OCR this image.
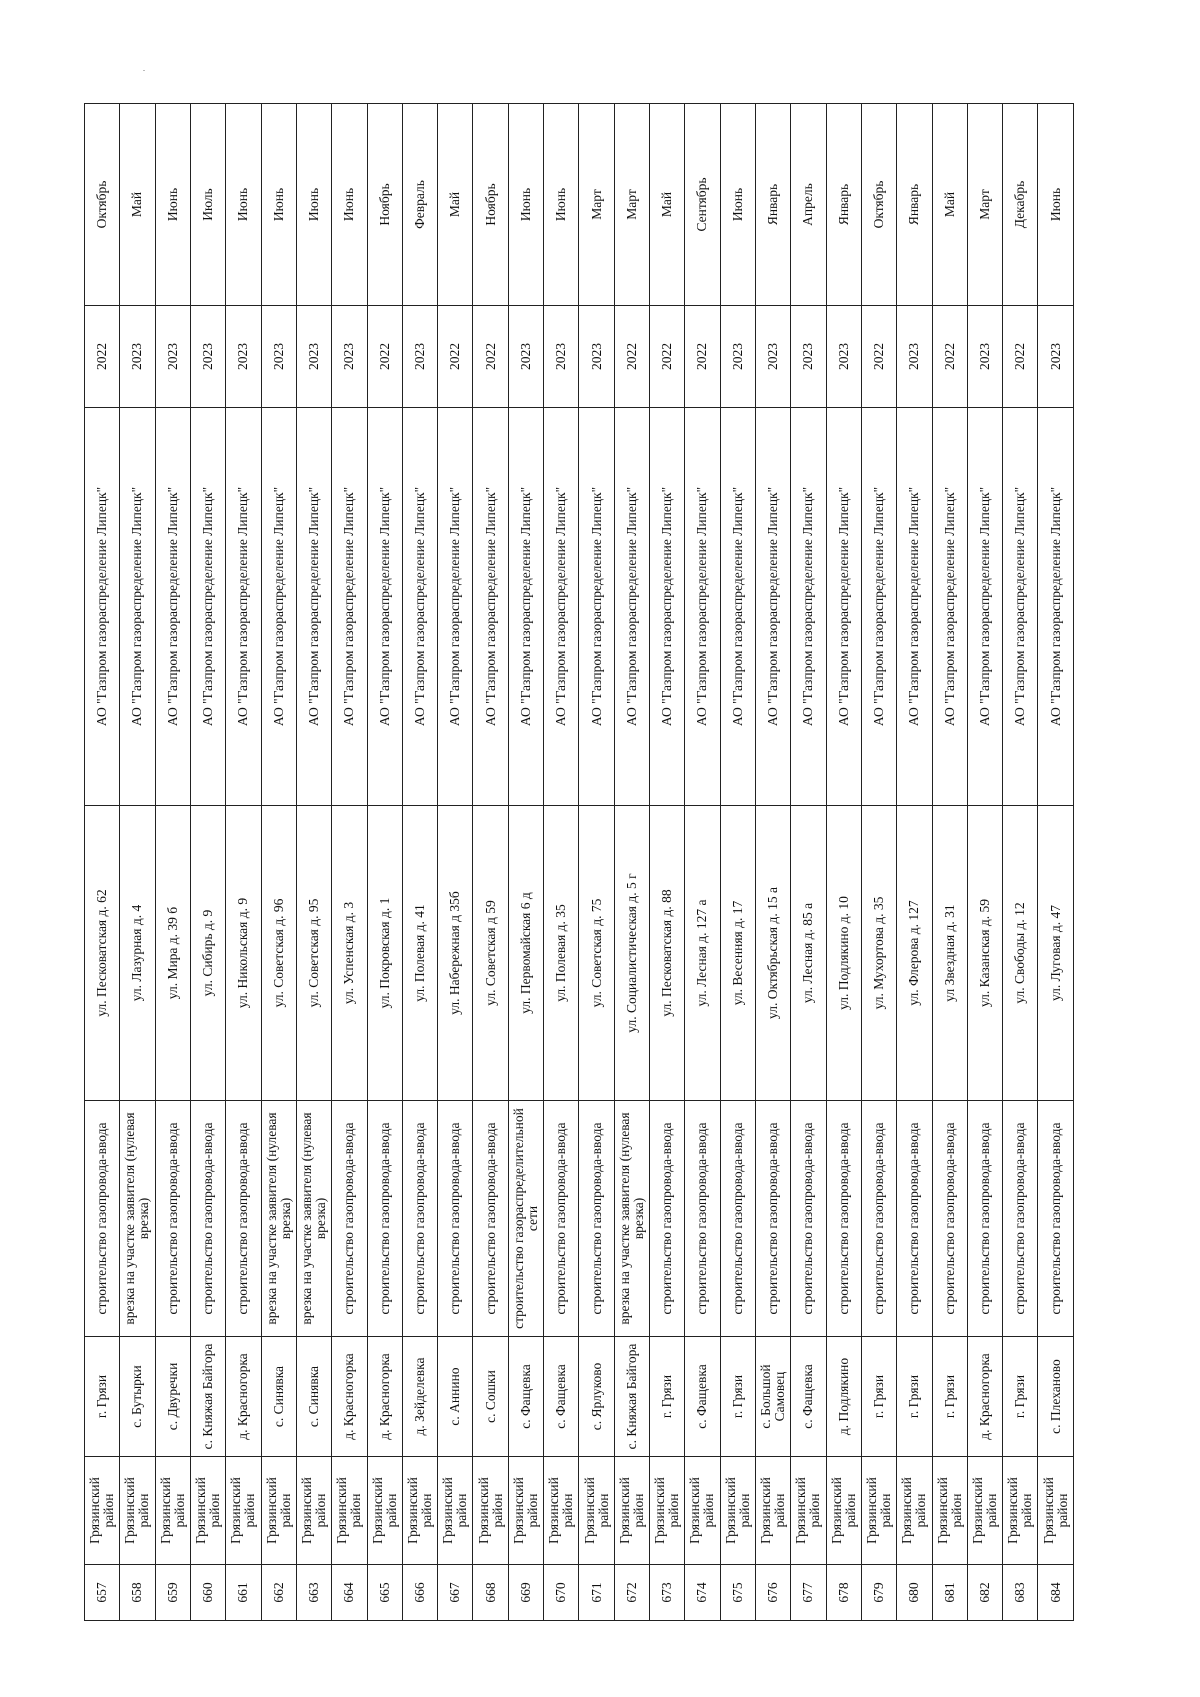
657	Грязинский район	г. Грязи	строительство газопровода-ввода	ул. Песковатская д. 62	АО "Газпром газораспределение Липецк"	2022	Октябрь
658	Грязинский район	с. Бутырки	врезка на участке заявителя (нулевая врезка)	ул. Лазурная д. 4	АО "Газпром газораспределение Липецк"	2023	Май
659	Грязинский район	с. Двуречки	строительство газопровода-ввода	ул. Мира д. 39 б	АО "Газпром газораспределение Липецк"	2023	Июнь
660	Грязинский район	с. Княжая Байгора	строительство газопровода-ввода	ул. Сибирь д. 9	АО "Газпром газораспределение Липецк"	2023	Июль
661	Грязинский район	д. Красногорка	строительство газопровода-ввода	ул. Никольская д. 9	АО "Газпром газораспределение Липецк"	2023	Июнь
662	Грязинский район	с. Синявка	врезка на участке заявителя (нулевая врезка)	ул. Советская д. 96	АО "Газпром газораспределение Липецк"	2023	Июнь
663	Грязинский район	с. Синявка	врезка на участке заявителя (нулевая врезка)	ул. Советская д. 95	АО "Газпром газораспределение Липецк"	2023	Июнь
664	Грязинский район	д. Красногорка	строительство газопровода-ввода	ул. Успенская д. 3	АО "Газпром газораспределение Липецк"	2023	Июнь
665	Грязинский район	д. Красногорка	строительство газопровода-ввода	ул. Покровская д. 1	АО "Газпром газораспределение Липецк"	2022	Ноябрь
666	Грязинский район	д. Зейделевка	строительство газопровода-ввода	ул. Полевая д. 41	АО "Газпром газораспределение Липецк"	2023	Февраль
667	Грязинский район	с. Аннино	строительство газопровода-ввода	ул. Набережная д 35б	АО "Газпром газораспределение Липецк"	2022	Май
668	Грязинский район	с. Сошки	строительство газопровода-ввода	ул. Советская д 59	АО "Газпром газораспределение Липецк"	2022	Ноябрь
669	Грязинский район	с. Фащевка	строительство газораспределительной сети	ул. Первомайская 6 д	АО "Газпром газораспределение Липецк"	2023	Июнь
670	Грязинский район	с. Фащевка	строительство газопровода-ввода	ул. Полевая д. 35	АО "Газпром газораспределение Липецк"	2023	Июнь
671	Грязинский район	с. Ярлуково	строительство газопровода-ввода	ул. Советская д. 75	АО "Газпром газораспределение Липецк"	2023	Март
672	Грязинский район	с. Княжая Байгора	врезка на участке заявителя (нулевая врезка)	ул. Социалистическая д. 5 г	АО "Газпром газораспределение Липецк"	2022	Март
673	Грязинский район	г. Грязи	строительство газопровода-ввода	ул. Песковатская д. 88	АО "Газпром газораспределение Липецк"	2022	Май
674	Грязинский район	с. Фащевка	строительство газопровода-ввода	ул. Лесная д. 127 а	АО "Газпром газораспределение Липецк"	2022	Сентябрь
675	Грязинский район	г. Грязи	строительство газопровода-ввода	ул. Весенняя д. 17	АО "Газпром газораспределение Липецк"	2023	Июнь
676	Грязинский район	с. Большой Самовец	строительство газопровода-ввода	ул. Октябрьская д. 15 а	АО "Газпром газораспределение Липецк"	2023	Январь
677	Грязинский район	с. Фащевка	строительство газопровода-ввода	ул. Лесная д. 85 а	АО "Газпром газораспределение Липецк"	2023	Апрель
678	Грязинский район	д. Подлякино	строительство газопровода-ввода	ул. Подлякино д. 10	АО "Газпром газораспределение Липецк"	2023	Январь
679	Грязинский район	г. Грязи	строительство газопровода-ввода	ул. Мухортова д. 35	АО "Газпром газораспределение Липецк"	2022	Октябрь
680	Грязинский район	г. Грязи	строительство газопровода-ввода	ул. Флерова д. 127	АО "Газпром газораспределение Липецк"	2023	Январь
681	Грязинский район	г. Грязи	строительство газопровода-ввода	ул Звездная д. 31	АО "Газпром газораспределение Липецк"	2022	Май
682	Грязинский район	д. Красногорка	строительство газопровода-ввода	ул. Казанская д. 59	АО "Газпром газораспределение Липецк"	2023	Март
683	Грязинский район	г. Грязи	строительство газопровода-ввода	ул. Свободы д. 12	АО "Газпром газораспределение Липецк"	2022	Декабрь
684	Грязинский район	с. Плеханово	строительство газопровода-ввода	ул. Луговая д. 47	АО "Газпром газораспределение Липецк"	2023	Июнь
